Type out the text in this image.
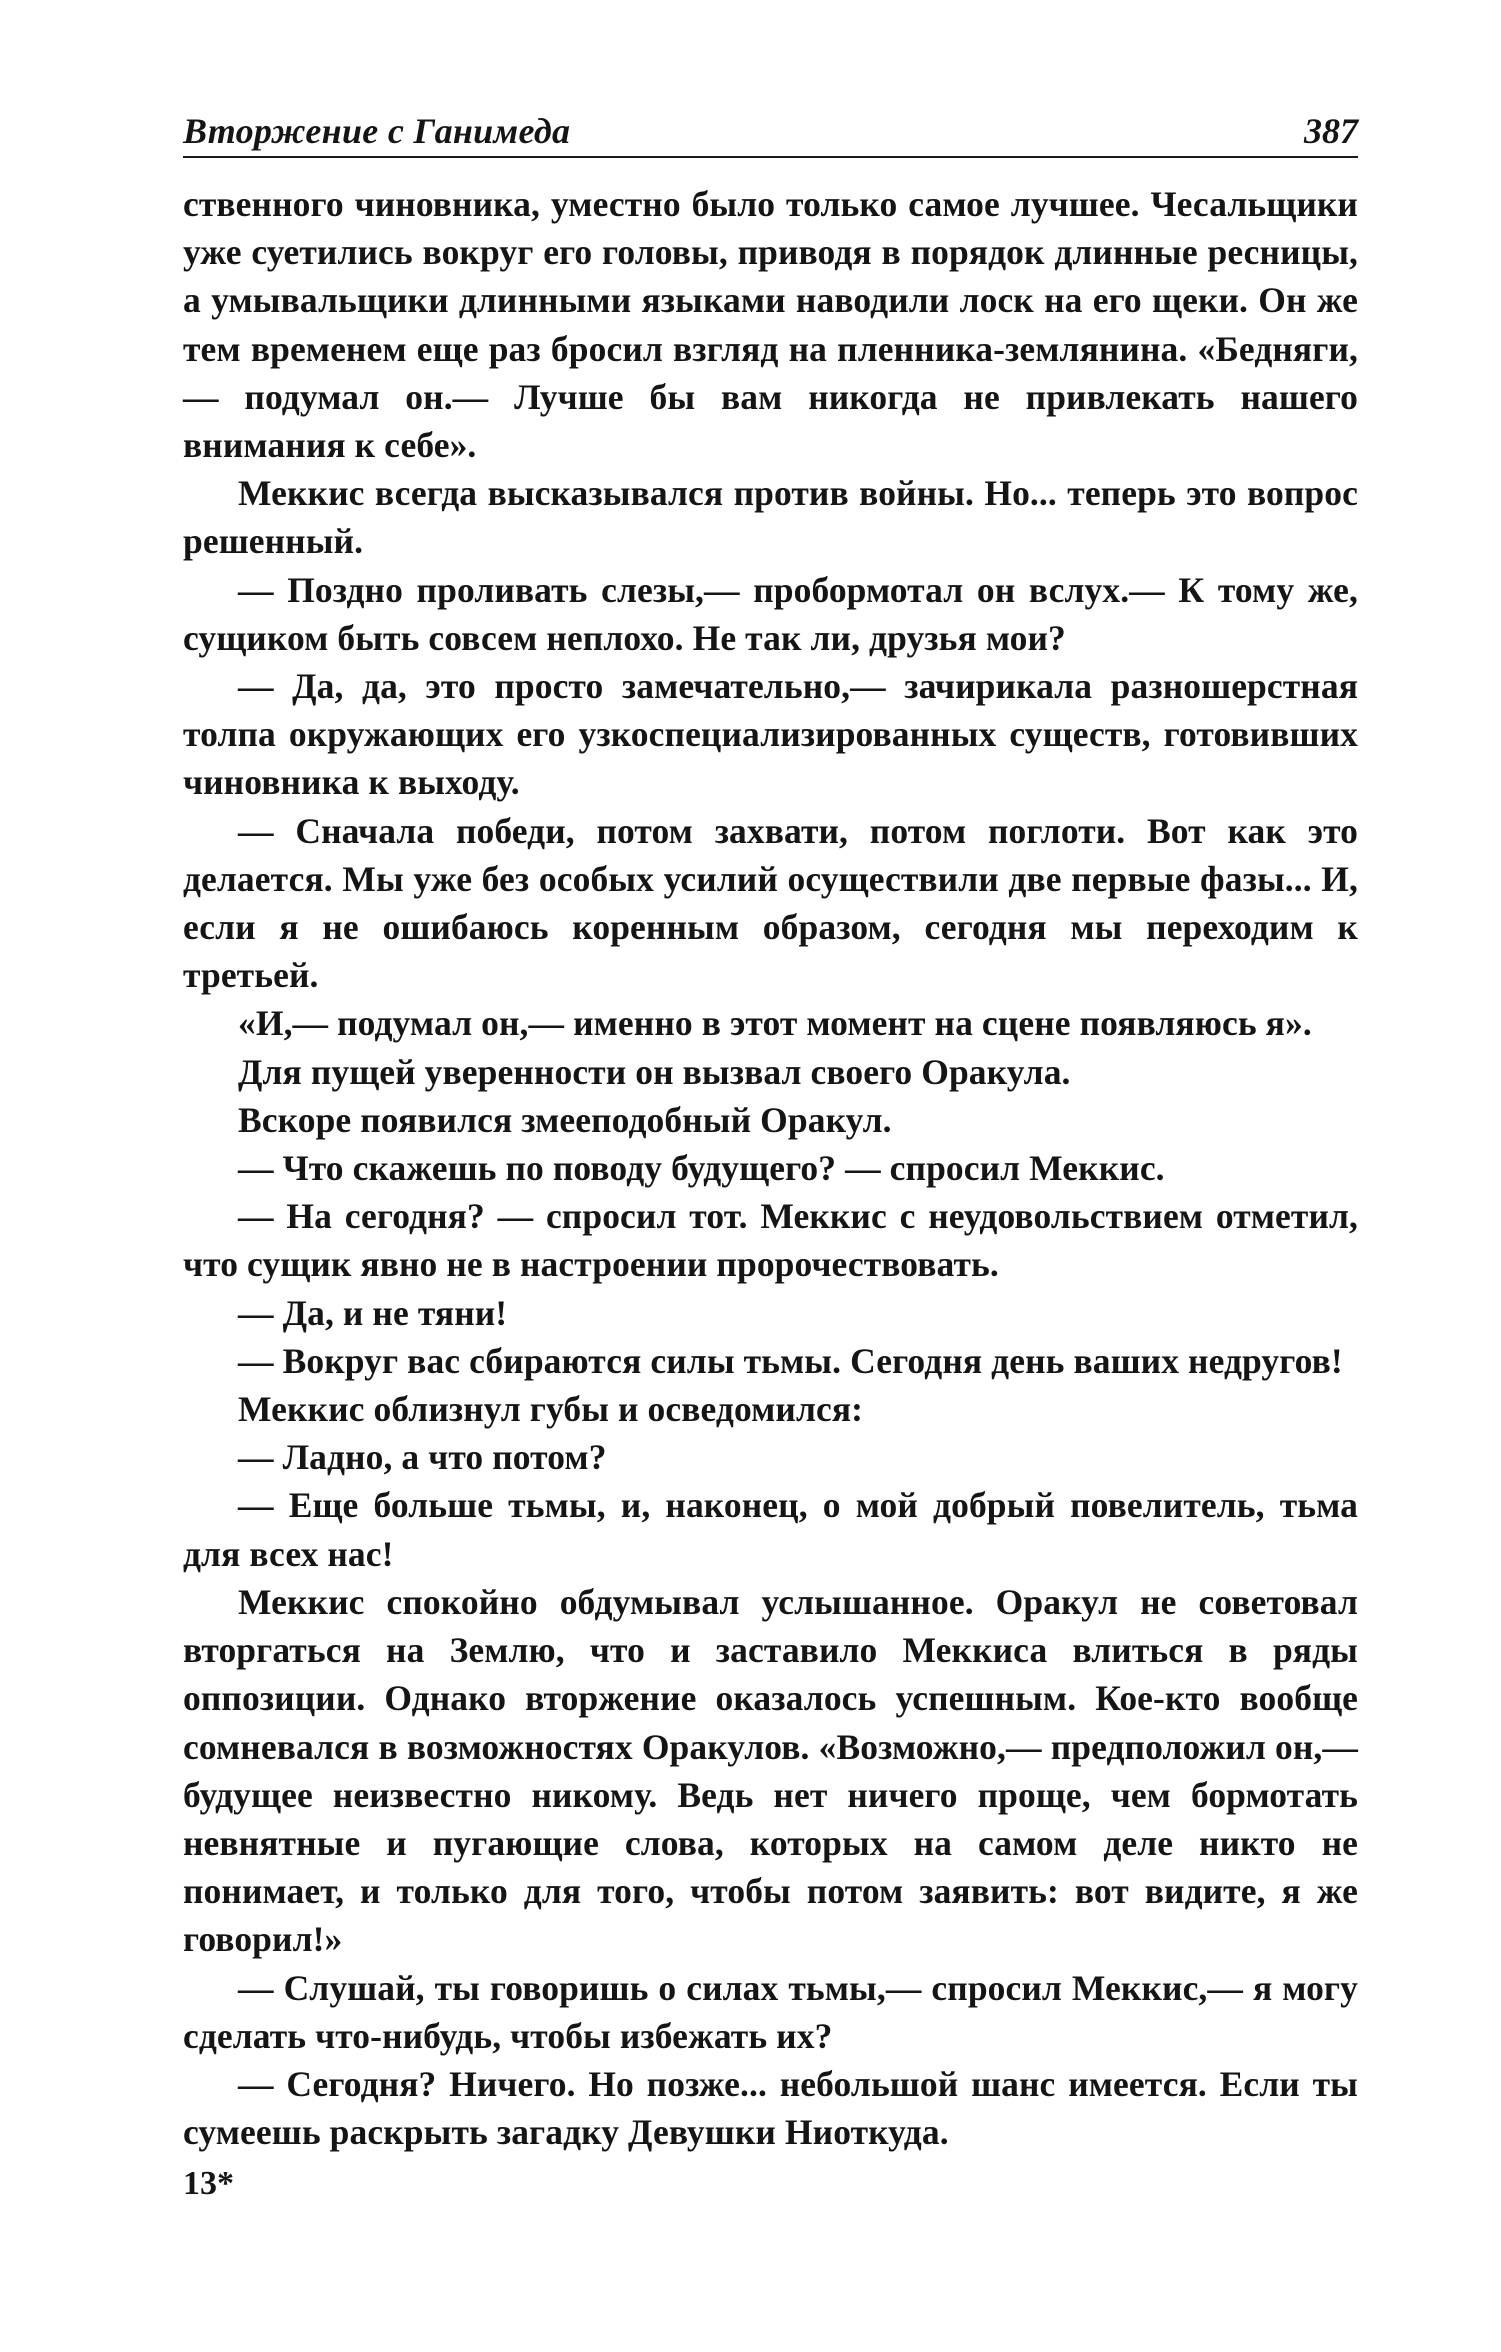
Вторжение с Ганимеда	387

ственного чиновника, уместно было только самое лучшее. Чесальщики уже суетились вокруг его головы, приводя в порядок длинные ресницы, а умывальщики длинными языками наводили лоск на его щеки. Он же тем временем еще раз бросил взгляд на пленника-землянина. «Бедняги,— подумал он.— Лучше бы вам никогда не привлекать нашего внимания к себе».

Меккис всегда высказывался против войны. Но... теперь это вопрос решенный.

— Поздно проливать слезы,— пробормотал он вслух.— К тому же, сущиком быть совсем неплохо. Не так ли, друзья мои?

— Да, да, это просто замечательно,— зачирикала разношерстная толпа окружающих его узкоспециализированных существ, готовивших чиновника к выходу.

— Сначала победи, потом захвати, потом поглоти. Вот как это делается. Мы уже без особых усилий осуществили две первые фазы... И, если я не ошибаюсь коренным образом, сегодня мы переходим к третьей.

«И,— подумал он,— именно в этот момент на сцене появляюсь я».

Для пущей уверенности он вызвал своего Оракула.

Вскоре появился змееподобный Оракул.

— Что скажешь по поводу будущего? — спросил Меккис.

— На сегодня? — спросил тот. Меккис с неудовольствием отметил, что сущик явно не в настроении пророчествовать.

— Да, и не тяни!

— Вокруг вас сбираются силы тьмы. Сегодня день ваших недругов!

Меккис облизнул губы и осведомился:

— Ладно, а что потом?

— Еще больше тьмы, и, наконец, о мой добрый повелитель, тьма для всех нас!

Меккис спокойно обдумывал услышанное. Оракул не советовал вторгаться на Землю, что и заставило Меккиса влиться в ряды оппозиции. Однако вторжение оказалось успешным. Кое-кто вообще сомневался в возможностях Оракулов. «Возможно,— предположил он,— будущее неизвестно никому. Ведь нет ничего проще, чем бормотать невнятные и пугающие слова, которых на самом деле никто не понимает, и только для того, чтобы потом заявить: вот видите, я же говорил!»

— Слушай, ты говоришь о силах тьмы,— спросил Меккис,— я могу сделать что-нибудь, чтобы избежать их?

— Сегодня? Ничего. Но позже... небольшой шанс имеется. Если ты сумеешь раскрыть загадку Девушки Ниоткуда.

13*
